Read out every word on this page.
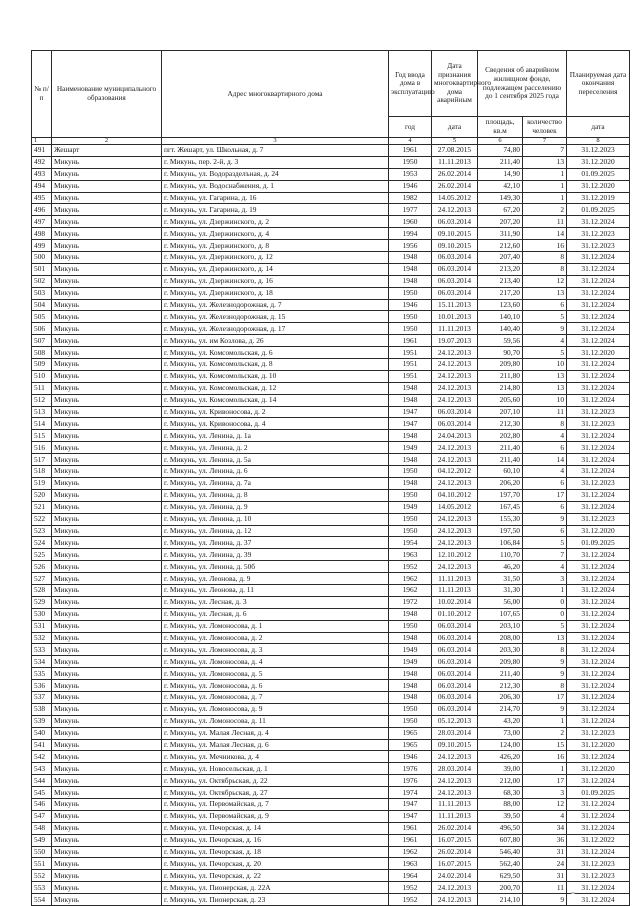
№ п/п	Наименование муниципального образования	Адрес многоквартирного дома	Год ввода дома в эксплуатацию	Дата признания многоквартирного дома аварийным	Сведения об аварийном жилищном фонде, подлежащем расселению до 1 сентября 2025 года		Планируемая дата окончания переселения
			год	дата	площадь, кв.м	количество человек	дата
1	2	3	4	5	6	7	8
491	Жешарт	пгт. Жешарт, ул. Школьная, д. 7	1961	27.08.2015	74,80	7	31.12.2023
492	Микунь	г. Микунь, пер. 2-й, д. 3	1950	11.11.2013	211,40	13	31.12.2020
493	Микунь	г. Микунь, ул. Водоразделъная, д. 24	1953	26.02.2014	14,90	1	01.09.2025
494	Микунь	г. Микунь, ул. Водоснабжения, д. 1	1946	26.02.2014	42,10	1	31.12.2020
495	Микунь	г. Микунь, ул. Гагарина, д. 16	1982	14.05.2012	149,30	1	31.12.2019
496	Микунь	г. Микунь, ул. Гагарина, д. 19	1977	24.12.2013	67,20	2	01.09.2025
497	Микунь	г. Микунь, ул. Дзержинского, д. 2	1960	06.03.2014	207,20	11	31.12.2024
498	Микунь	г. Микунь, ул. Дзержинского, д. 4	1994	09.10.2015	311,90	14	31.12.2023
499	Микунь	г. Микунь, ул. Дзержинского, д. 8	1956	09.10.2015	212,60	16	31.12.2023
500	Микунь	г. Микунь, ул. Дзержинского, д. 12	1948	06.03.2014	207,40	8	31.12.2024
501	Микунь	г. Микунь, ул. Дзержинского, д. 14	1948	06.03.2014	213,20	8	31.12.2024
502	Микунь	г. Микунь, ул. Дзержинского, д. 16	1948	06.03.2014	213,40	12	31.12.2024
503	Микунь	г. Микунь, ул. Дзержинского, д. 18	1950	06.03.2014	217,20	13	31.12.2024
504	Микунь	г. Микунь, ул. Железнодорожная, д. 7	1946	15.11.2013	123,60	6	31.12.2024
505	Микунь	г. Микунь, ул. Железнодорожная, д. 15	1950	10.01.2013	140,10	5	31.12.2024
506	Микунь	г. Микунь, ул. Железнодорожная, д. 17	1950	11.11.2013	140,40	9	31.12.2024
507	Микунь	г. Микунь, ул. им Козлова, д. 26	1961	19.07.2013	59,56	4	31.12.2024
508	Микунь	г. Микунь, ул. Комсомольская, д. 6	1951	24.12.2013	90,70	5	31.12.2020
509	Микунь	г. Микунь, ул. Комсомольская, д. 8	1951	24.12.2013	209,80	10	31.12.2024
510	Микунь	г. Микунь, ул. Комсомольская, д. 10	1951	24.12.2013	211,80	13	31.12.2024
511	Микунь	г. Микунь, ул. Комсомольская, д. 12	1948	24.12.2013	214,80	13	31.12.2024
512	Микунь	г. Микунь, ул. Комсомольская, д. 14	1948	24.12.2013	205,60	10	31.12.2024
513	Микунь	г. Микунь, ул. Кривоносова, д. 2	1947	06.03.2014	207,10	11	31.12.2023
514	Микунь	г. Микунь, ул. Кривоносова, д. 4	1947	06.03.2014	212,30	8	31.12.2023
515	Микунь	г. Микунь, ул. Ленина, д. 1а	1948	24.04.2013	202,80	4	31.12.2024
516	Микунь	г. Микунь, ул. Ленина, д. 2	1949	24.12.2013	211,40	6	31.12.2024
517	Микунь	г. Микунь, ул. Ленина, д. 5а	1948	24.12.2013	211,40	14	31.12.2024
518	Микунь	г. Микунь, ул. Ленина, д. 6	1950	04.12.2012	60,10	4	31.12.2024
519	Микунь	г. Микунь, ул. Ленина, д. 7а	1948	24.12.2013	206,20	6	31.12.2023
520	Микунь	г. Микунь, ул. Ленина, д. 8	1950	04.10.2012	197,70	17	31.12.2024
521	Микунь	г. Микунь, ул. Ленина, д. 9	1949	14.05.2012	167,45	6	31.12.2024
522	Микунь	г. Микунь, ул. Ленина, д. 10	1950	24.12.2013	155,30	9	31.12.2023
523	Микунь	г. Микунь, ул. Ленина, д. 12	1950	24.12.2013	197,50	6	31.12.2020
524	Микунь	г. Микунь, ул. Ленина, д. 37	1954	24.12.2013	106,84	5	01.09.2025
525	Микунь	г. Микунь, ул. Ленина, д. 39	1963	12.10.2012	110,70	7	31.12.2024
526	Микунь	г. Микунь, ул. Ленина, д. 50б	1952	24.12.2013	46,20	4	31.12.2024
527	Микунь	г. Микунь, ул. Леонова, д. 9	1962	11.11.2013	31,50	3	31.12.2024
528	Микунь	г. Микунь, ул. Леонова, д. 11	1962	11.11.2013	31,30	1	31.12.2024
529	Микунь	г. Микунь, ул. Лесная, д. 3	1972	10.02.2014	56,00	0	31.12.2024
530	Микунь	г. Микунь, ул. Лесная, д. 6	1948	01.10.2012	107,65	0	31.12.2024
531	Микунь	г. Микунь, ул. Ломоносова, д. 1	1950	06.03.2014	203,10	5	31.12.2024
532	Микунь	г. Микунь, ул. Ломоносова, д. 2	1948	06.03.2014	208,00	13	31.12.2024
533	Микунь	г. Микунь, ул. Ломоносова, д. 3	1949	06.03.2014	203,30	8	31.12.2024
534	Микунь	г. Микунь, ул. Ломоносова, д. 4	1949	06.03.2014	209,80	9	31.12.2024
535	Микунь	г. Микунь, ул. Ломоносова, д. 5	1948	06.03.2014	211,40	9	31.12.2024
536	Микунь	г. Микунь, ул. Ломоносова, д. 6	1948	06.03.2014	212,30	8	31.12.2024
537	Микунь	г. Микунь, ул. Ломоносова, д. 7	1948	06.03.2014	206,30	17	31.12.2024
538	Микунь	г. Микунь, ул. Ломоносова, д. 9	1950	06.03.2014	214,70	9	31.12.2024
539	Микунь	г. Микунь, ул. Ломоносова, д. 11	1950	05.12.2013	43,20	1	31.12.2024
540	Микунь	г. Микунь, ул. Малая Лесная, д. 4	1965	28.03.2014	73,00	2	31.12.2023
541	Микунь	г. Микунь, ул. Малая Лесная, д. 6	1965	09.10.2015	124,00	15	31.12.2020
542	Микунь	г. Микунь, ул. Мечникова, д. 4	1946	24.12.2013	426,20	16	31.12.2024
543	Микунь	г. Микунь, ул. Новосельская, д. 1	1976	28.03.2014	39,00	1	31.12.2020
544	Микунь	г. Микунь, ул. Октябрьская, д. 22	1976	24.12.2013	212,00	17	31.12.2024
545	Микунь	г. Микунь, ул. Октябрьская, д. 27	1974	24.12.2013	68,30	3	01.09.2025
546	Микунь	г. Микунь, ул. Первомайская, д. 7	1947	11.11.2013	88,00	12	31.12.2024
547	Микунь	г. Микунь, ул. Первомайская, д. 9	1947	11.11.2013	39,50	4	31.12.2024
548	Микунь	г. Микунь, ул. Печорская, д. 14	1961	26.02.2014	496,50	34	31.12.2024
549	Микунь	г. Микунь, ул. Печорская, д. 16	1961	16.07.2015	607,80	36	31.12.2022
550	Микунь	г. Микунь, ул. Печорская, д. 18	1962	26.02.2014	546,40	31	31.12.2024
551	Микунь	г. Микунь, ул. Печорская, д. 20	1963	16.07.2015	562,40	24	31.12.2023
552	Микунь	г. Микунь, ул. Печорская, д. 22	1964	24.02.2014	629,50	31	31.12.2023
553	Микунь	г. Микунь, ул. Пионерская, д. 22А	1952	24.12.2013	200,70	11	31.12.2024
554	Микунь	г. Микунь, ул. Пионерская, д. 23	1952	24.12.2013	214,10	9	31.12.2024
